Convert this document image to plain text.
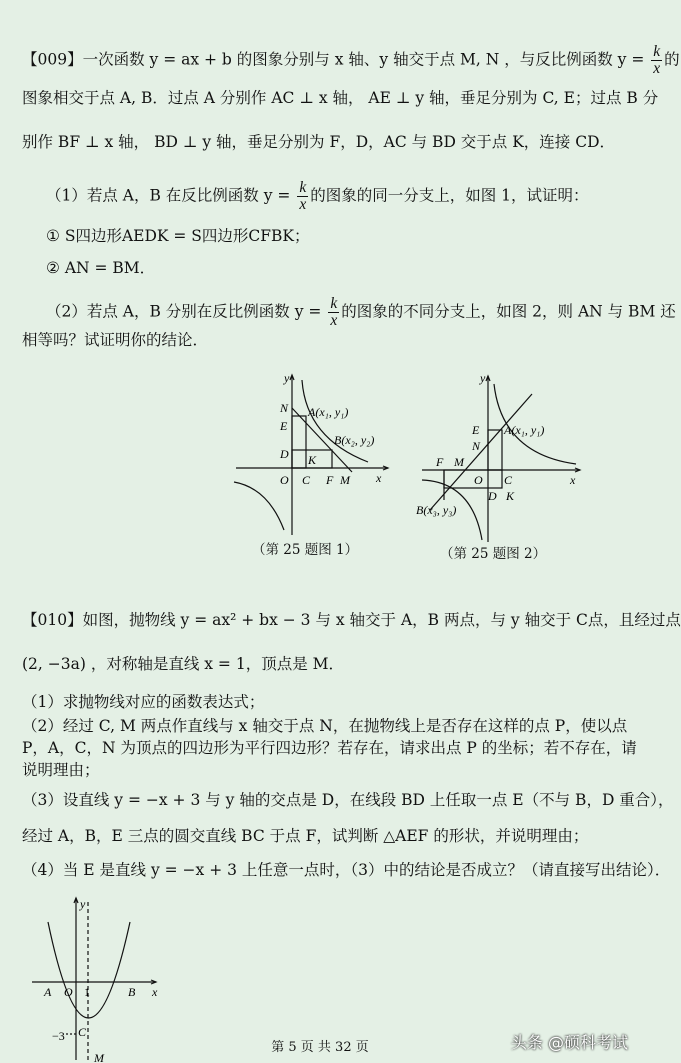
【009】一次函数 y = ax + b 的图象分别与 x 轴、y 轴交于点 M, N ，与反比例函数 $y = \frac{k}{x}$ 的
图象相交于点 A, B．过点 A 分别作 AC ⊥ x 轴， AE ⊥ y 轴，垂足分别为 C, E；过点 B 分
别作 BF ⊥ x 轴， BD ⊥ y 轴，垂足分别为 F，D，AC 与 BD 交于点 K，连接 CD．
（1）若点 A，B 在反比例函数 $y = \frac{k}{x}$ 的图象的同一分支上，如图 1，试证明：
① S四边形AEDK = S四边形CFBK；
② AN = BM．
（2）若点 A，B 分别在反比例函数 $y = \frac{k}{x}$ 的图象的不同分支上，如图 2，则 AN 与 BM 还
相等吗？试证明你的结论．
y
x
N A(x₁, y₁)
E
B(x₂, y₂)
D K
O C F M
（第 25 题图 1）
y
x
E A(x₁, y₁)
N
F M
O C
D K
B(x₃, y₃)
（第 25 题图 2）
【010】如图，抛物线 y = ax² + bx − 3 与 x 轴交于 A，B 两点，与 y 轴交于 C点，且经过点
(2, −3a) ，对称轴是直线 x = 1，顶点是 M．
（1）求抛物线对应的函数表达式；
（2）经过 C, M 两点作直线与 x 轴交于点 N，在抛物线上是否存在这样的点 P，使以点
P，A，C，N 为顶点的四边形为平行四边形？若存在，请求出点 P 的坐标；若不存在，请
说明理由；
（3）设直线 y = −x + 3 与 y 轴的交点是 D，在线段 BD 上任取一点 E（不与 B，D 重合），
经过 A，B，E 三点的圆交直线 BC 于点 F，试判断 △AEF 的形状，并说明理由；
（4）当 E 是直线 y = −x + 3 上任意一点时，（3）中的结论是否成立？（请直接写出结论）．
y
x
A O 1	B
C
−3
M
第 5 页 共 32 页	头条 @硕科考试
